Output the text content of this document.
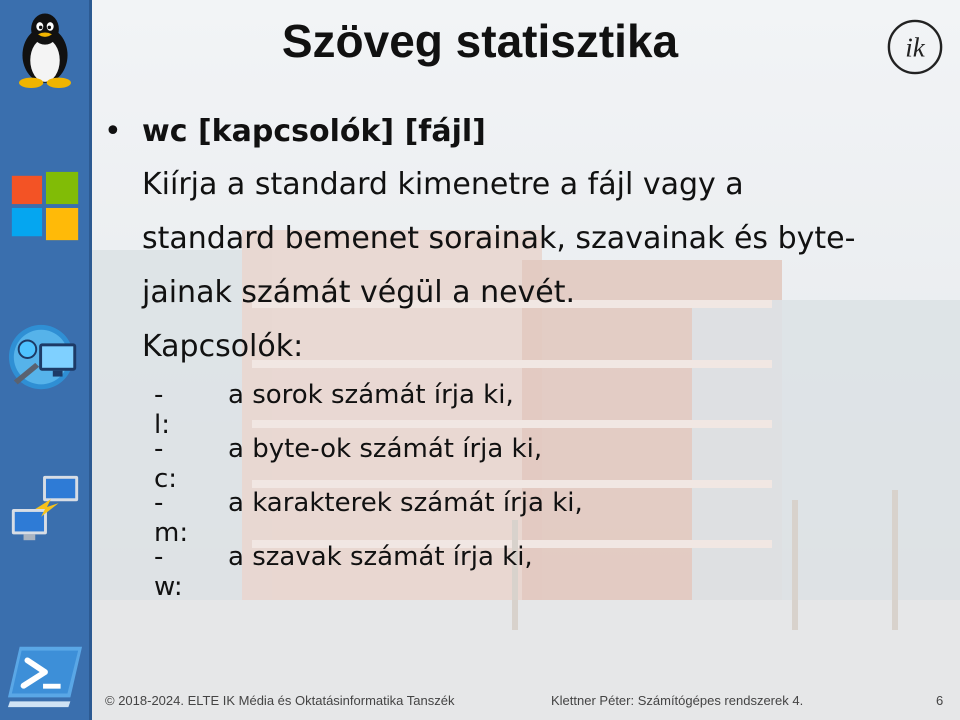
Szöveg statisztika	ik
• wc [kapcsolók] [fájl]
Kiírja a standard kimenetre a fájl vagy a
standard bemenet sorainak, szavainak és byte-
jainak számát végül a nevét.
Kapcsolók:
-l:
a sorok számát írja ki,
-c:
a byte-ok számát írja ki,
-m:
a karakterek számát írja ki,
-w:
a szavak számát írja ki,
© 2018-2024. ELTE IK Média és Oktatásinformatika Tanszék	Klettner Péter: Számítógépes rendszerek 4.	6
